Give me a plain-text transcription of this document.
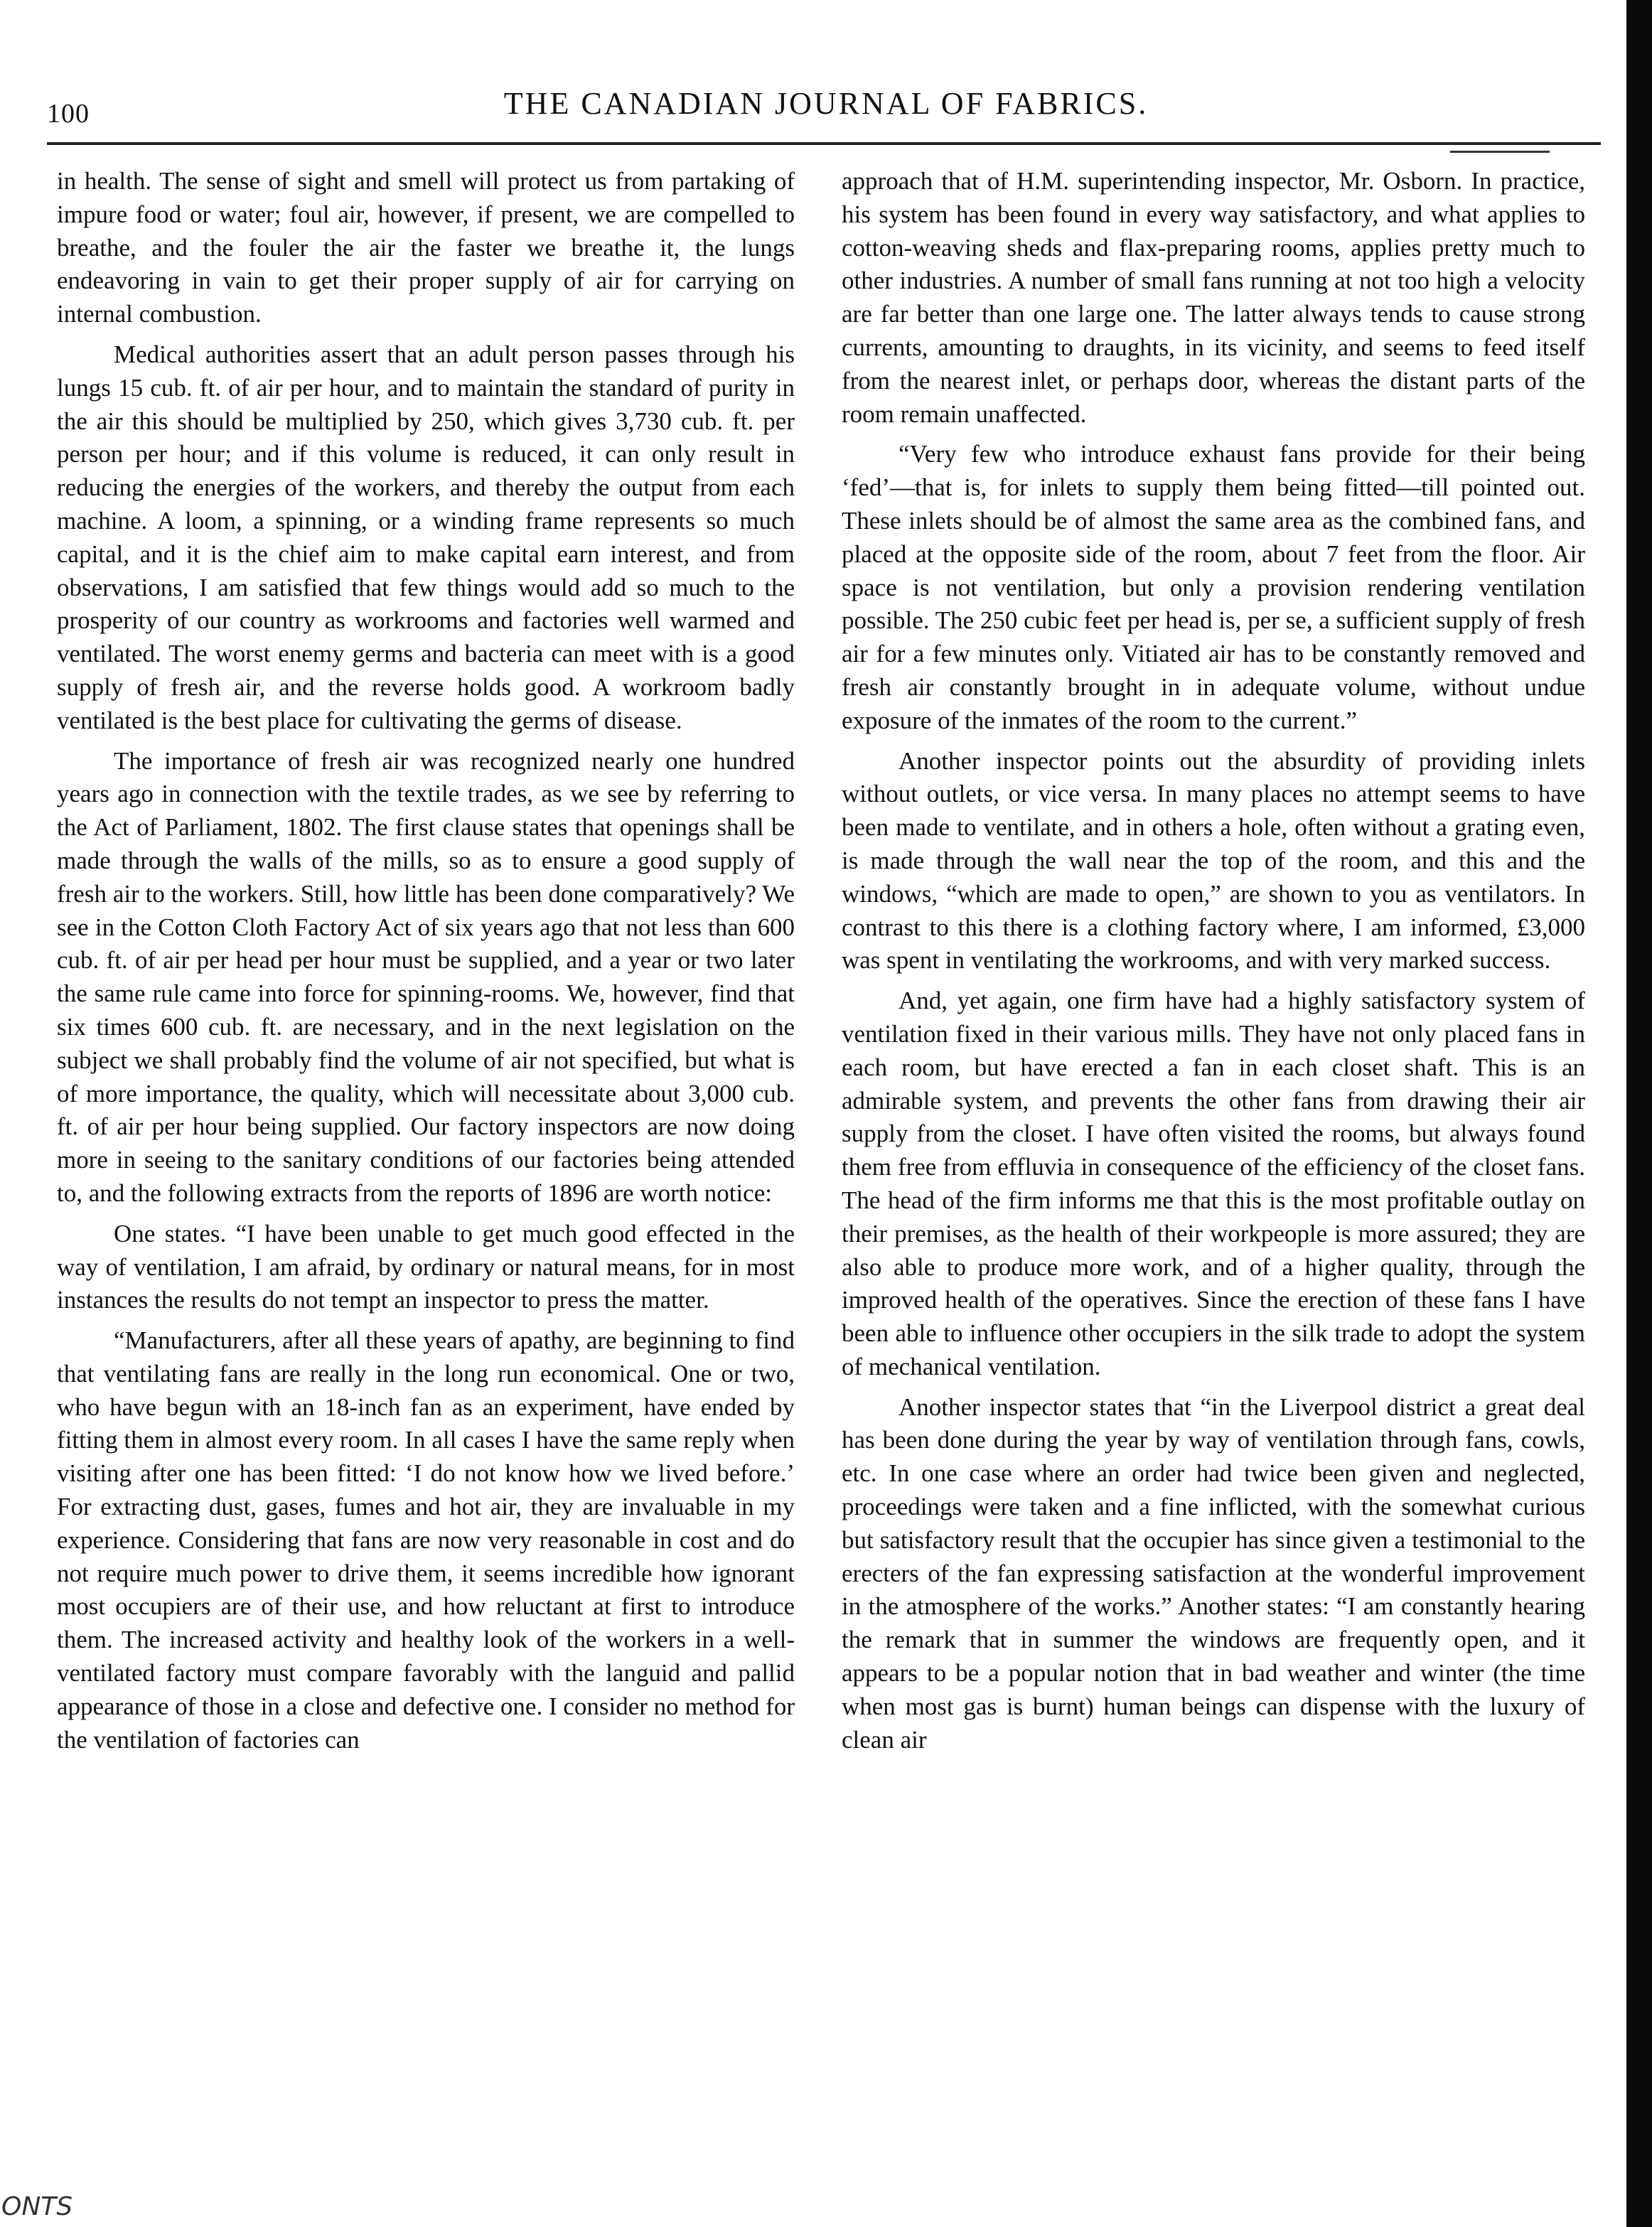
100	THE CANADIAN JOURNAL OF FABRICS.

in health. The sense of sight and smell will protect us from partaking of impure food or water; foul air, however, if present, we are compelled to breathe, and the fouler the air the faster we breathe it, the lungs endeavoring in vain to get their proper supply of air for carrying on internal combustion.

Medical authorities assert that an adult person passes through his lungs 15 cub. ft. of air per hour, and to maintain the standard of purity in the air this should be multiplied by 250, which gives 3,730 cub. ft. per person per hour; and if this volume is reduced, it can only result in reducing the energies of the workers, and thereby the output from each machine. A loom, a spinning, or a winding frame represents so much capital, and it is the chief aim to make capital earn interest, and from observations, I am satisfied that few things would add so much to the prosperity of our country as workrooms and factories well warmed and ventilated. The worst enemy germs and bacteria can meet with is a good supply of fresh air, and the reverse holds good. A workroom badly ventilated is the best place for cultivating the germs of disease.

The importance of fresh air was recognized nearly one hundred years ago in connection with the textile trades, as we see by referring to the Act of Parliament, 1802. The first clause states that openings shall be made through the walls of the mills, so as to ensure a good supply of fresh air to the workers. Still, how little has been done comparatively? We see in the Cotton Cloth Factory Act of six years ago that not less than 600 cub. ft. of air per head per hour must be supplied, and a year or two later the same rule came into force for spinning-rooms. We, however, find that six times 600 cub. ft. are necessary, and in the next legislation on the subject we shall probably find the volume of air not specified, but what is of more importance, the quality, which will necessitate about 3,000 cub. ft. of air per hour being supplied. Our factory inspectors are now doing more in seeing to the sanitary conditions of our factories being attended to, and the following extracts from the reports of 1896 are worth notice:

One states. “I have been unable to get much good effected in the way of ventilation, I am afraid, by ordinary or natural means, for in most instances the results do not tempt an inspector to press the matter.

“Manufacturers, after all these years of apathy, are beginning to find that ventilating fans are really in the long run economical. One or two, who have begun with an 18-inch fan as an experiment, have ended by fitting them in almost every room. In all cases I have the same reply when visiting after one has been fitted: ‘I do not know how we lived before.’ For extracting dust, gases, fumes and hot air, they are invaluable in my experience. Considering that fans are now very reasonable in cost and do not require much power to drive them, it seems incredible how ignorant most occupiers are of their use, and how reluctant at first to introduce them. The increased activity and healthy look of the workers in a well-ventilated factory must compare favorably with the languid and pallid appearance of those in a close and defective one. I consider no method for the ventilation of factories can

approach that of H.M. superintending inspector, Mr. Osborn. In practice, his system has been found in every way satisfactory, and what applies to cotton-weaving sheds and flax-preparing rooms, applies pretty much to other industries. A number of small fans running at not too high a velocity are far better than one large one. The latter always tends to cause strong currents, amounting to draughts, in its vicinity, and seems to feed itself from the nearest inlet, or perhaps door, whereas the distant parts of the room remain unaffected.

“Very few who introduce exhaust fans provide for their being ‘fed’—that is, for inlets to supply them being fitted—till pointed out. These inlets should be of almost the same area as the combined fans, and placed at the opposite side of the room, about 7 feet from the floor. Air space is not ventilation, but only a provision rendering ventilation possible. The 250 cubic feet per head is, per se, a sufficient supply of fresh air for a few minutes only. Vitiated air has to be constantly removed and fresh air constantly brought in in adequate volume, without undue exposure of the inmates of the room to the current.”

Another inspector points out the absurdity of providing inlets without outlets, or vice versa. In many places no attempt seems to have been made to ventilate, and in others a hole, often without a grating even, is made through the wall near the top of the room, and this and the windows, “which are made to open,” are shown to you as ventilators. In contrast to this there is a clothing factory where, I am informed, £3,000 was spent in ventilating the workrooms, and with very marked success.

And, yet again, one firm have had a highly satisfactory system of ventilation fixed in their various mills. They have not only placed fans in each room, but have erected a fan in each closet shaft. This is an admirable system, and prevents the other fans from drawing their air supply from the closet. I have often visited the rooms, but always found them free from effluvia in consequence of the efficiency of the closet fans. The head of the firm informs me that this is the most profitable outlay on their premises, as the health of their workpeople is more assured; they are also able to produce more work, and of a higher quality, through the improved health of the operatives. Since the erection of these fans I have been able to influence other occupiers in the silk trade to adopt the system of mechanical ventilation.

Another inspector states that “in the Liverpool district a great deal has been done during the year by way of ventilation through fans, cowls, etc. In one case where an order had twice been given and neglected, proceedings were taken and a fine inflicted, with the somewhat curious but satisfactory result that the occupier has since given a testimonial to the erecters of the fan expressing satisfaction at the wonderful improvement in the atmosphere of the works.” Another states: “I am constantly hearing the remark that in summer the windows are frequently open, and it appears to be a popular notion that in bad weather and winter (the time when most gas is burnt) human beings can dispense with the luxury of clean air

ONTS
